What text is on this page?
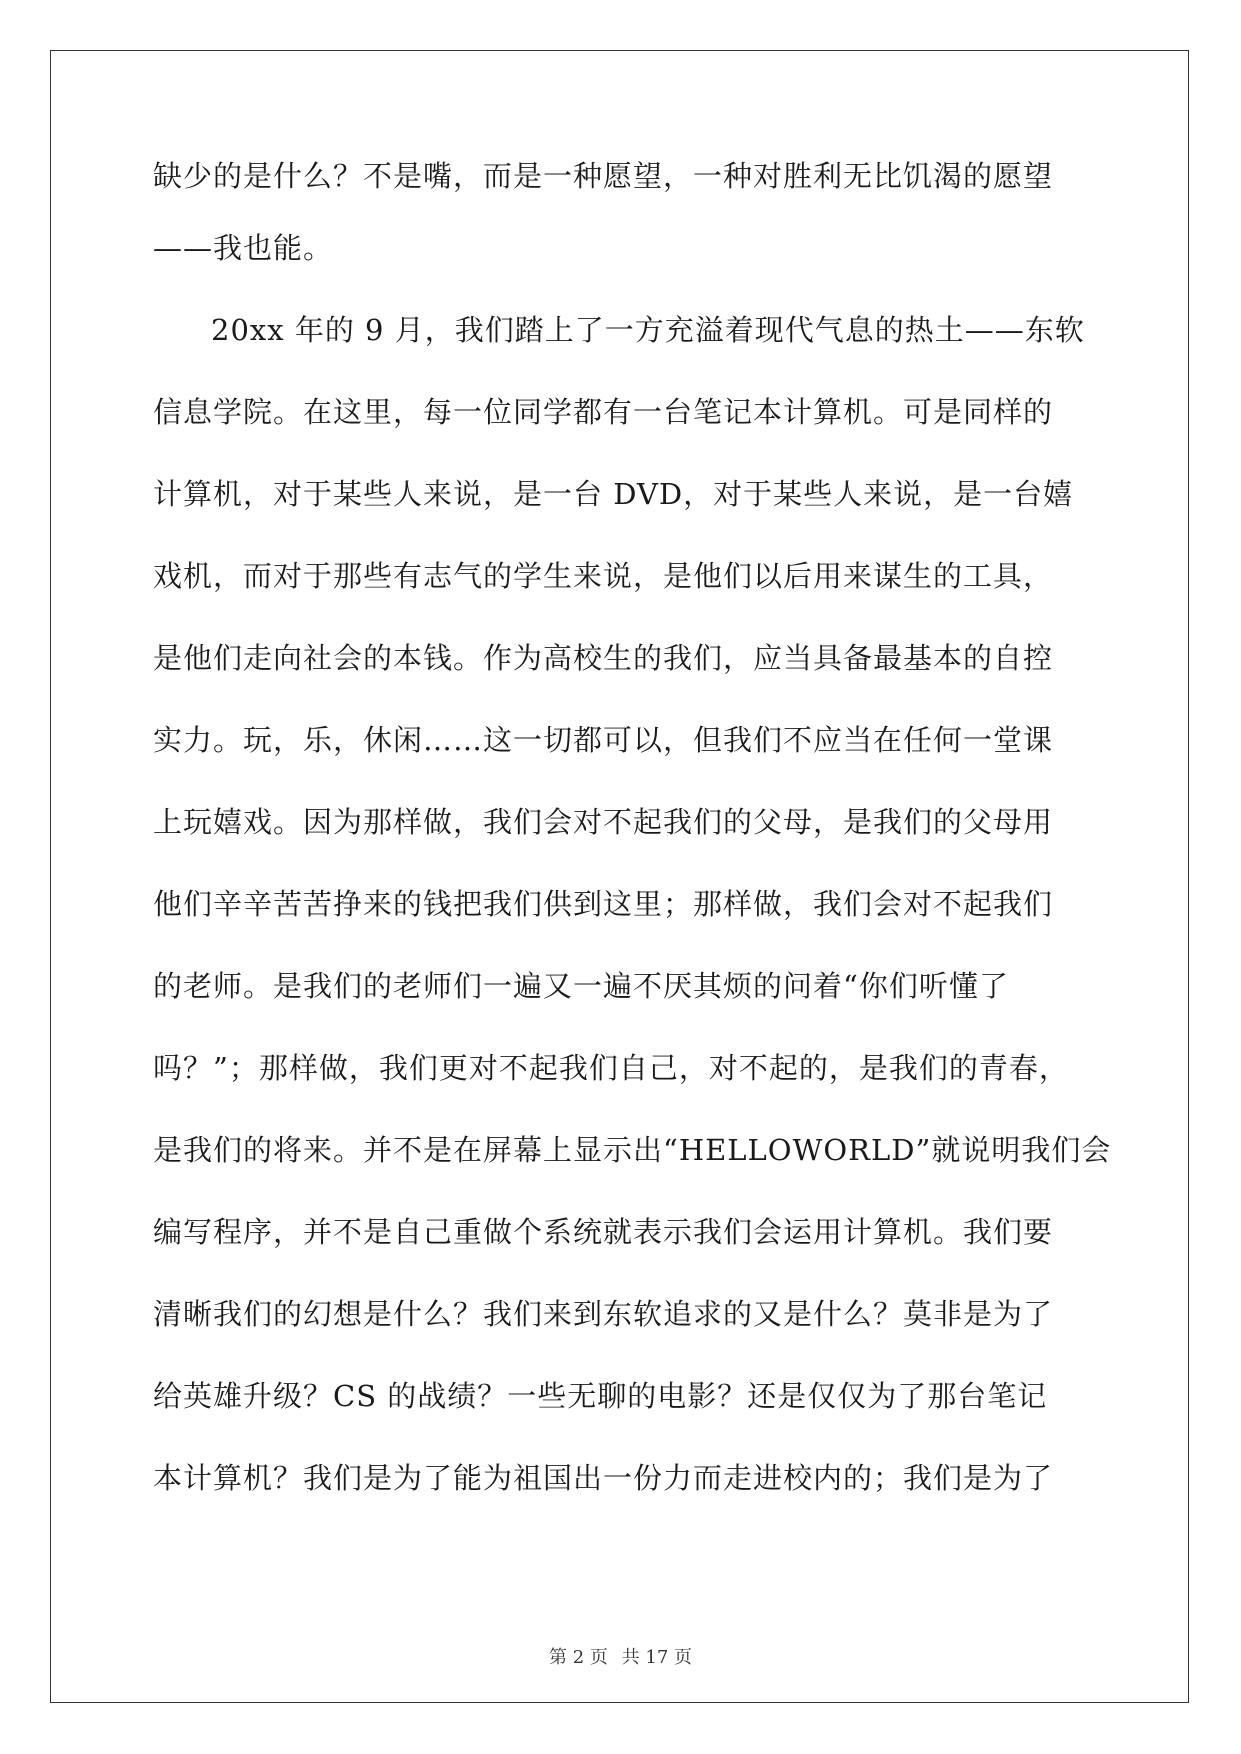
缺少的是什么？不是嘴，而是一种愿望，一种对胜利无比饥渴的愿望
——我也能。
20xx 年的 9 月，我们踏上了一方充溢着现代气息的热土——东软
信息学院。在这里，每一位同学都有一台笔记本计算机。可是同样的
计算机，对于某些人来说，是一台 DVD，对于某些人来说，是一台嬉
戏机，而对于那些有志气的学生来说，是他们以后用来谋生的工具，
是他们走向社会的本钱。作为高校生的我们，应当具备最基本的自控
实力。玩，乐，休闲……这一切都可以，但我们不应当在任何一堂课
上玩嬉戏。因为那样做，我们会对不起我们的父母，是我们的父母用
他们辛辛苦苦挣来的钱把我们供到这里；那样做，我们会对不起我们
的老师。是我们的老师们一遍又一遍不厌其烦的问着“你们听懂了
吗？”；那样做，我们更对不起我们自己，对不起的，是我们的青春，
是我们的将来。并不是在屏幕上显示出“HELLOWORLD”就说明我们会
编写程序，并不是自己重做个系统就表示我们会运用计算机。我们要
清晰我们的幻想是什么？我们来到东软追求的又是什么？莫非是为了
给英雄升级？CS 的战绩？一些无聊的电影？还是仅仅为了那台笔记
本计算机？我们是为了能为祖国出一份力而走进校内的；我们是为了
第 2 页 共 17 页
